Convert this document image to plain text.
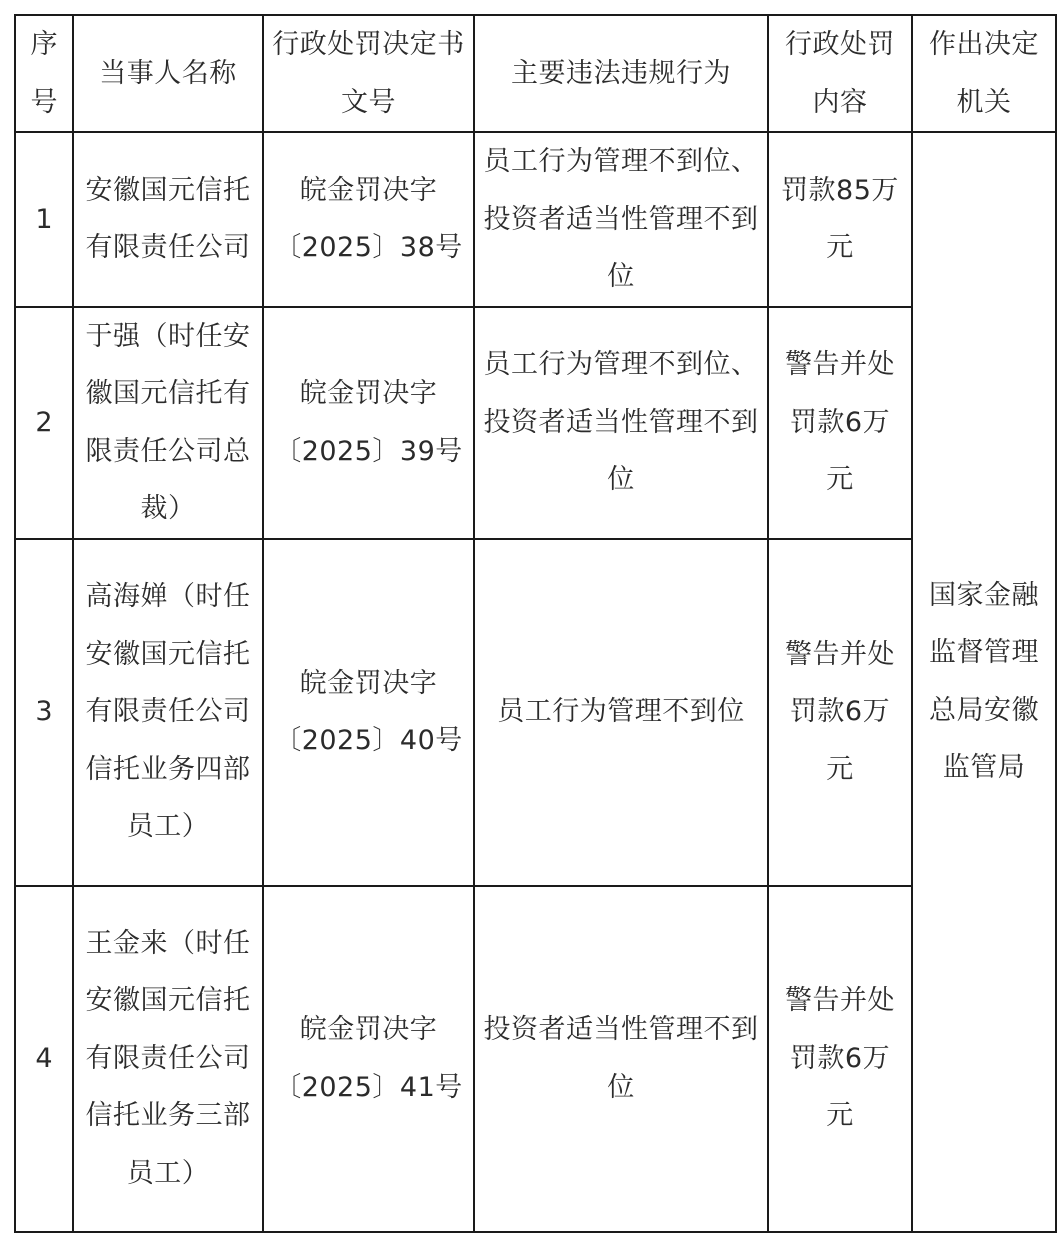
序号	当事人名称	行政处罚决定书文号	主要违法违规行为	行政处罚内容	作出决定机关
1	安徽国元信托有限责任公司	皖金罚决字〔2025〕38号	员工行为管理不到位、投资者适当性管理不到位	罚款85万元	国家金融监督管理总局安徽监管局
2	于强（时任安徽国元信托有限责任公司总裁）	皖金罚决字〔2025〕39号	员工行为管理不到位、投资者适当性管理不到位	警告并处罚款6万元	
3	高海婵（时任安徽国元信托有限责任公司信托业务四部员工）	皖金罚决字〔2025〕40号	员工行为管理不到位	警告并处罚款6万元	
4	王金来（时任安徽国元信托有限责任公司信托业务三部员工）	皖金罚决字〔2025〕41号	投资者适当性管理不到位	警告并处罚款6万元	
